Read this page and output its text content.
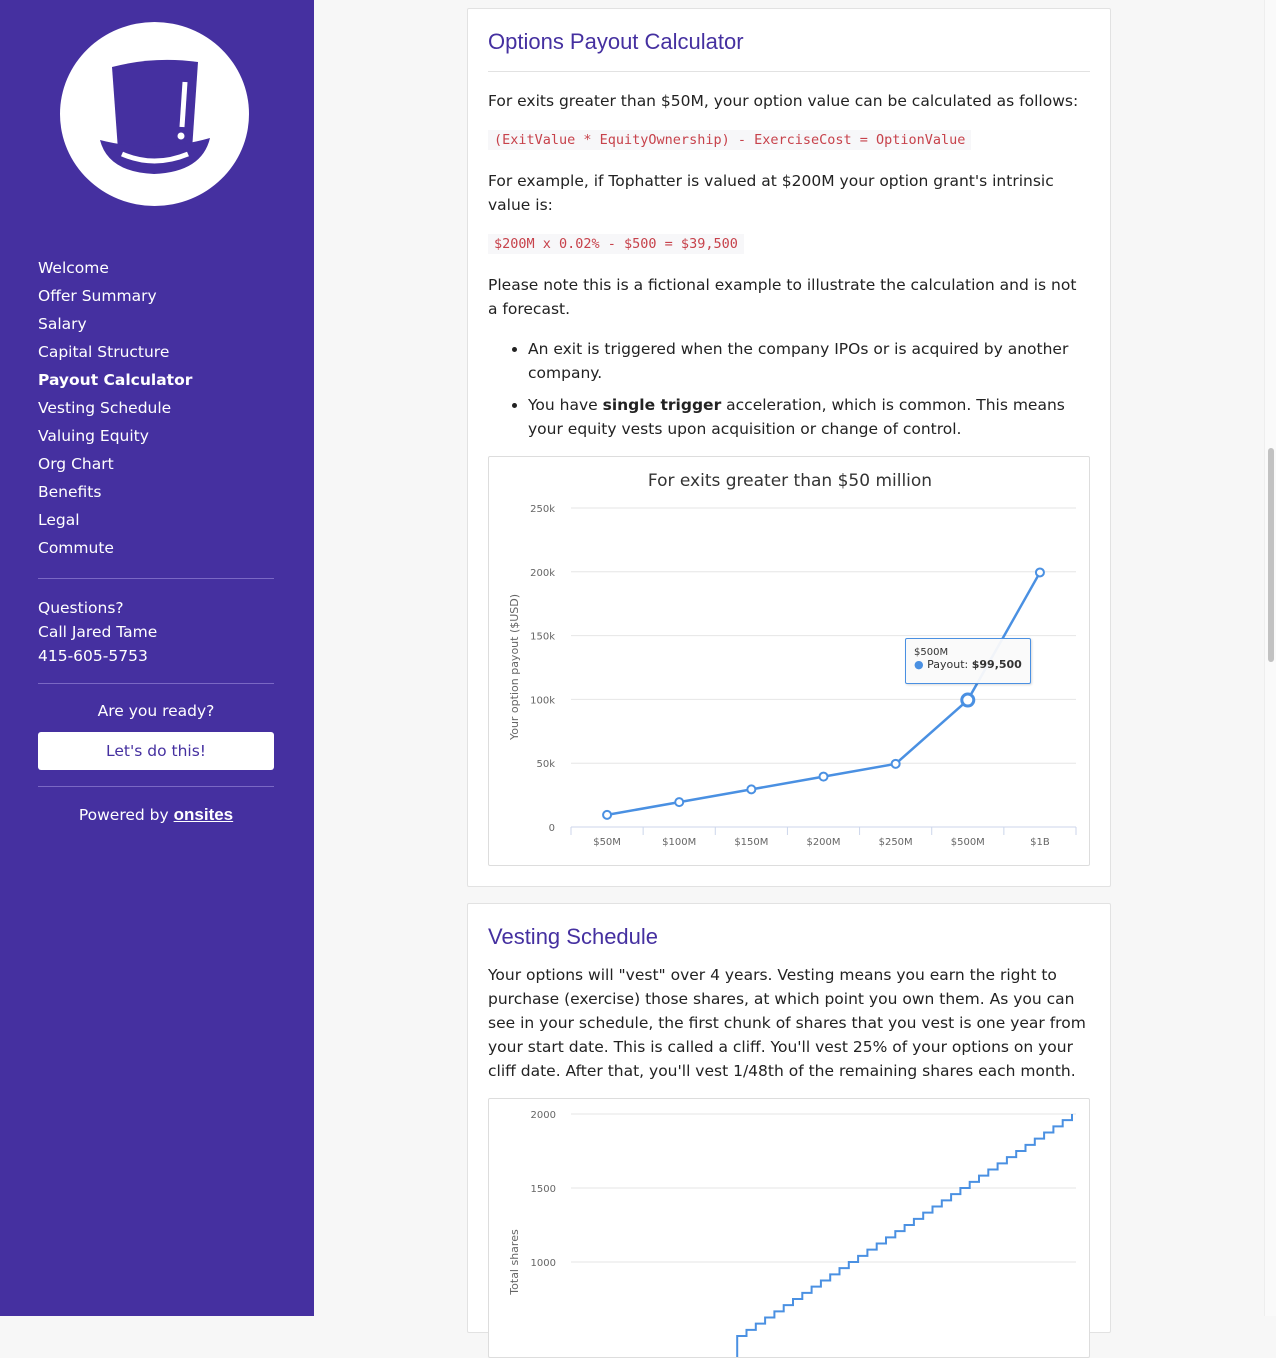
Welcome
Offer Summary
Salary
Capital Structure
Payout Calculator
Vesting Schedule
Valuing Equity
Org Chart
Benefits
Legal
Commute
Questions?
Call Jared Tame
415-605-5753
Are you ready?
Let's do this!
Powered by onsites
Options Payout Calculator
For exits greater than $50M, your option value can be calculated as follows:
(ExitValue * EquityOwnership) - ExerciseCost = OptionValue
For example, if Tophatter is valued at $200M your option grant's intrinsic value is:
$200M x 0.02% - $500 = $39,500
Please note this is a fictional example to illustrate the calculation and is not a forecast.
• An exit is triggered when the company IPOs or is acquired by another company.
• You have single trigger acceleration, which is common. This means your equity vests upon acquisition or change of control.
For exits greater than $50 million
0
50k
100k
150k
200k
250k
Your option payout ($USD)
$50M	$100M	$150M	$200M	$250M	$500M	$1B
$500M
● Payout: $99,500
Vesting Schedule
Your options will "vest" over 4 years. Vesting means you earn the right to purchase (exercise) those shares, at which point you own them. As you can see in your schedule, the first chunk of shares that you vest is one year from your start date. This is called a cliff. You'll vest 25% of your options on your cliff date. After that, you'll vest 1/48th of the remaining shares each month.
1000
1500
2000
Total shares
